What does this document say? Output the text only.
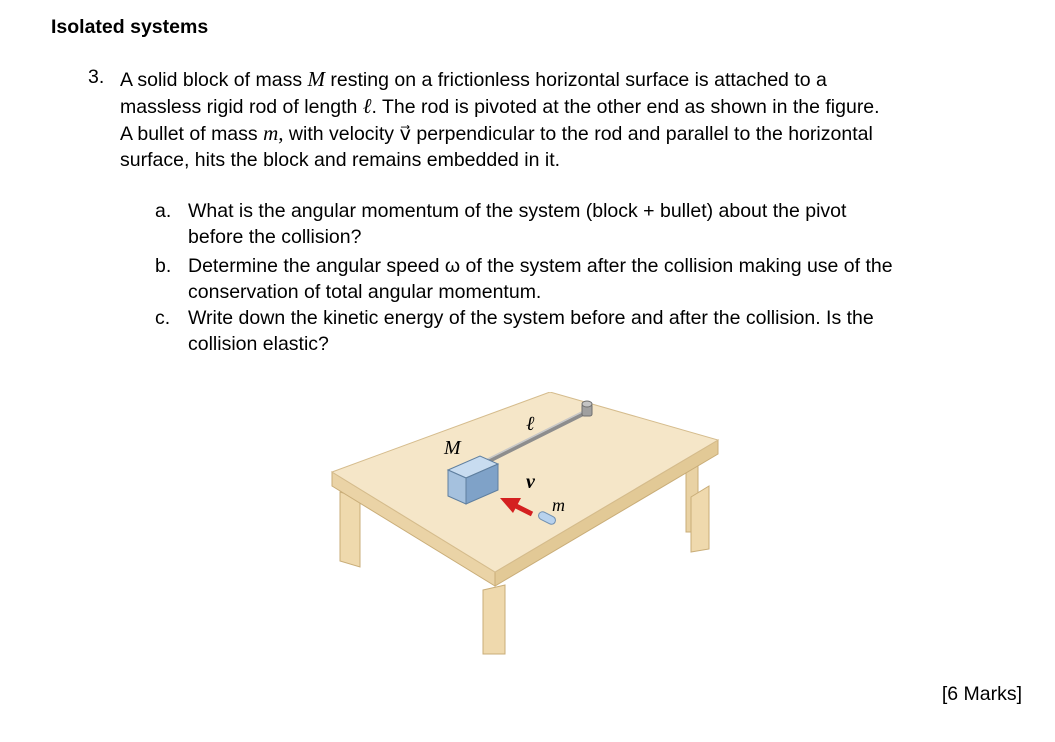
Isolated systems
3. A solid block of mass M resting on a frictionless horizontal surface is attached to a

massless rigid rod of length ℓ. The rod is pivoted at the other end as shown in the figure.

A bullet of mass m, with velocity v⃗ perpendicular to the rod and parallel to the horizontal

surface, hits the block and remains embedded in it.

a. What is the angular momentum of the system (block + bullet) about the pivot
before the collision?
b. Determine the angular speed ω of the system after the collision making use of the
conservation of total angular momentum.
c. Write down the kinetic energy of the system before and after the collision. Is the
collision elastic?
M
ℓ
v⃗
m
[6 Marks]
